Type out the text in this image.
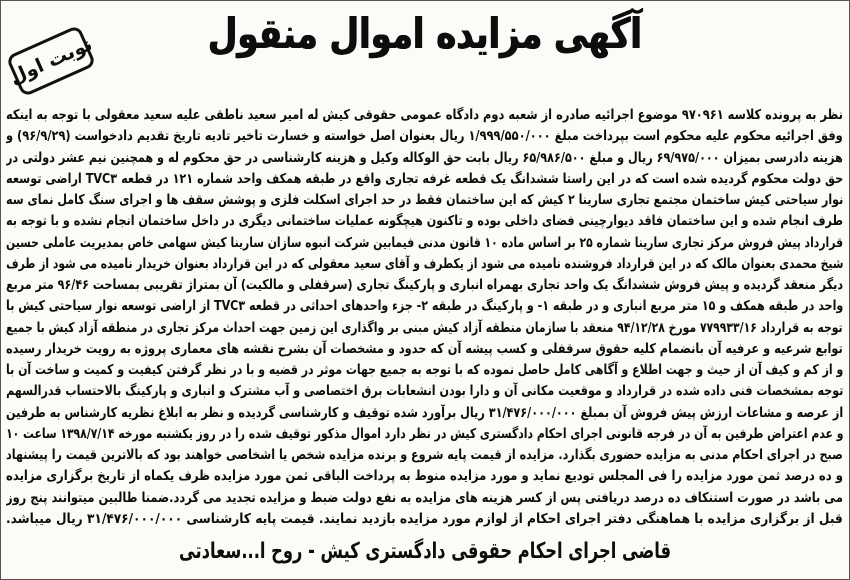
آگهی مزایده اموال منقول
نوبت اول
نظر به پرونده کلاسه ۹۷۰۹۶۱ موضوع اجرائیه صادره از شعبه دوم دادگاه عمومی حقوقی کیش له امیر سعید ناطقی علیه سعید معقولی با توجه به اینکه
وفق اجرائیه محکوم علیه محکوم است بپرداخت مبلغ ۱/۹۹۹/۵۵۰/۰۰۰ ریال بعنوان اصل خواسته و خسارت تاخیر تادیه تاریخ تقدیم دادخواست (۹۶/۹/۲۹) و
هزینه دادرسی بمیزان ۶۹/۹۷۵/۰۰۰ ریال و مبلغ ۶۵/۹۸۶/۵۰۰ ریال بابت حق الوکاله وکیل و هزینه کارشناسی در حق محکوم له و همچنین نیم عشر دولتی در
حق دولت محکوم گردیده شده است که در این راستا ششدانگ یک قطعه غرفه تجاری واقع در طبقه همکف واحد شماره ۱۲۱ در قطعه TVC۳ اراضی توسعه
نوار سیاحتی کیش ساختمان مجتمع تجاری سارینا ۲ کیش که این ساختمان فقط در حد اجرای اسکلت فلزی و پوشش سقف ها و اجرای سنگ کامل نمای سه
طرف انجام شده و این ساختمان فاقد دیوارچینی فضای داخلی بوده و تاکنون هیچگونه عملیات ساختمانی دیگری در داخل ساختمان انجام نشده و با توجه به
قرارداد پیش فروش مرکز تجاری سارینا شماره ۲۵ بر اساس ماده ۱۰ قانون مدنی فیمابین شرکت انبوه سازان سارینا کیش سهامی خاص بمدیریت عاملی حسین
شیخ محمدی بعنوان مالک که در این قرارداد فروشنده نامیده می شود از یکطرف و آقای سعید معقولی که در این قرارداد بعنوان خریدار نامیده می شود از طرف
دیگر منعقد گردیده و پیش فروش ششدانگ یک واحد تجاری بهمراه انباری و پارکینگ تجاری (سرقفلی و مالکیت) آن بمتراژ تقریبی بمساحت ۹۶/۴۶ متر مربع
واحد در طبقه همکف و ۱۵ متر مربع انباری و در طبقه ۱- و پارکینگ در طبقه ۲- جزء واحدهای احداثی در قطعه TVC۳ از اراضی توسعه نوار سیاحتی کیش با
توجه به قرارداد ۷۷۹۹۳۳/۱۶ مورخ ۹۴/۱۲/۲۸ منعقد با سازمان منطقه آزاد کیش مبنی بر واگذاری این زمین جهت احداث مرکز تجاری در منطقه آزاد کیش با جمیع
توابع شرعیه و عرفیه آن بانضمام کلیه حقوق سرقفلی و کسب پیشه آن که حدود و مشخصات آن بشرح نقشه های معماری پروژه به رویت خریدار رسیده
و از کم و کیف آن از حیث و جهت اطلاع و آگاهی کامل حاصل نموده که با توجه به جمیع جهات موثر در قضیه و با در نظر گرفتن کیفیت و کمیت و ساخت آن با
توجه بمشخصات فنی داده شده در قرارداد و موقعیت مکانی آن و دارا بودن انشعابات برق اختصاصی و آب مشترک و انباری و پارکینگ بالاحتساب قدرالسهم
از عرصه و مشاعات ارزش پیش فروش آن بمبلغ ۳۱/۴۷۶/۰۰۰/۰۰۰ ریال برآورد شده توقیف و کارشناسی گردیده و نظر به ابلاغ نظریه کارشناس به طرفین
و عدم اعتراض طرفین به آن در فرجه قانونی اجرای احکام دادگستری کیش در نظر دارد اموال مذکور توقیف شده را در روز یکشنبه مورخه ۱۳۹۸/۷/۱۴ ساعت ۱۰
صبح در اجرای احکام مدنی به مزایده حضوری بگذارد. مزایده از قیمت پایه شروع و برنده مزایده شخص یا اشخاصی خواهند بود که بالاترین قیمت را پیشنهاد
و ده درصد ثمن مورد مزایده را فی المجلس تودیع نماید و مورد مزایده منوط به پرداخت الباقی ثمن مورد مزایده ظرف یکماه از تاریخ برگزاری مزایده
می باشد در صورت استنکاف ده درصد دریافتی پس از کسر هزینه های مزایده به نفع دولت ضبط و مزایده تجدید می گردد.ضمنا طالبین میتوانند پنج روز
قبل از برگزاری مزایده با هماهنگی دفتر اجرای احکام از لوازم مورد مزایده بازدید نمایند. قیمت پایه کارشناسی ۳۱/۴۷۶/۰۰۰/۰۰۰ ریال میباشد.
قاضی اجرای احکام حقوقی دادگستری کیش - روح ا...سعادتی
